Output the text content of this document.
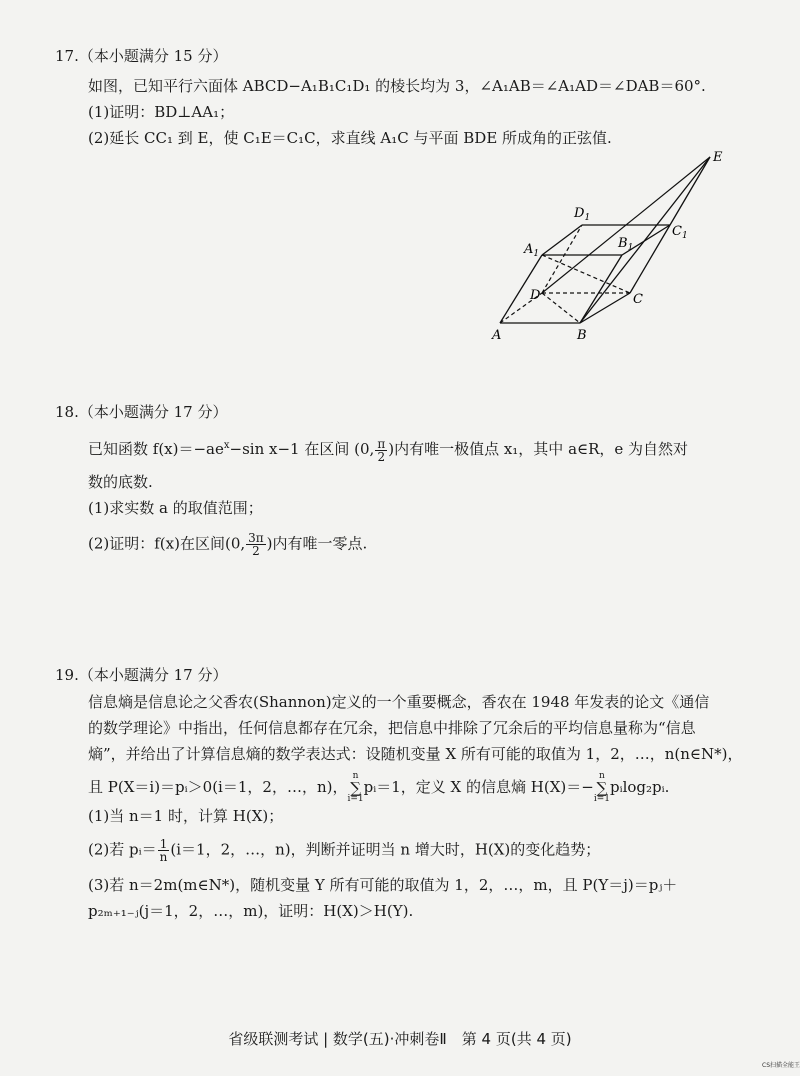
17.（本小题满分 15 分）
如图，已知平行六面体 ABCD−A₁B₁C₁D₁ 的棱长均为 3，∠A₁AB＝∠A₁AD＝∠DAB＝60°.
(1)证明：BD⊥AA₁；
(2)延长 CC₁ 到 E，使 C₁E＝C₁C，求直线 A₁C 与平面 BDE 所成角的正弦值.
E
$D_1$
$C_1$
$A_1$
$B_1$
D	C
A	B
18.（本小题满分 17 分）
已知函数 $f(x)=-ae^x-\sin$ x−1 在区间 (0, $\frac{\pi}{2}$ )内有唯一极值点 x₁，其中 a∈R，e 为自然对
数的底数.
(1)求实数 a 的取值范围；
(2)证明：f(x)在区间(0, $\frac{3\pi}{2}$ )内有唯一零点.
19.（本小题满分 17 分）
信息熵是信息论之父香农(Shannon)定义的一个重要概念，香农在 1948 年发表的论文《通信
的数学理论》中指出，任何信息都存在冗余，把信息中排除了冗余后的平均信息量称为“信息
熵”，并给出了计算信息熵的数学表达式：设随机变量 X 所有可能的取值为 1，2，…，n(n∈N*)，
且 P(X＝i)＝pᵢ＞0(i＝1，2，…，n)，n
∑
i=1pᵢ＝1，定义 X 的信息熵 H(X)＝−n
∑
i=1pᵢlog₂pᵢ.
(1)当 n＝1 时，计算 H(X)；
(2)若 pᵢ＝ $\frac{1}{n} (i=1$，2，…，n)，判断并证明当 n 增大时，H(X)的变化趋势；
(3)若 n＝2m(m∈N*)，随机变量 Y 所有可能的取值为 1，2，…，m，且 P(Y＝j)＝pⱼ＋
p₂ₘ₊₁₋ⱼ(j＝1，2，…，m)，证明：H(X)＞H(Y).
省级联测考试 | 数学(五)·冲刺卷Ⅱ　第 4 页(共 4 页)
CS扫描全能王
